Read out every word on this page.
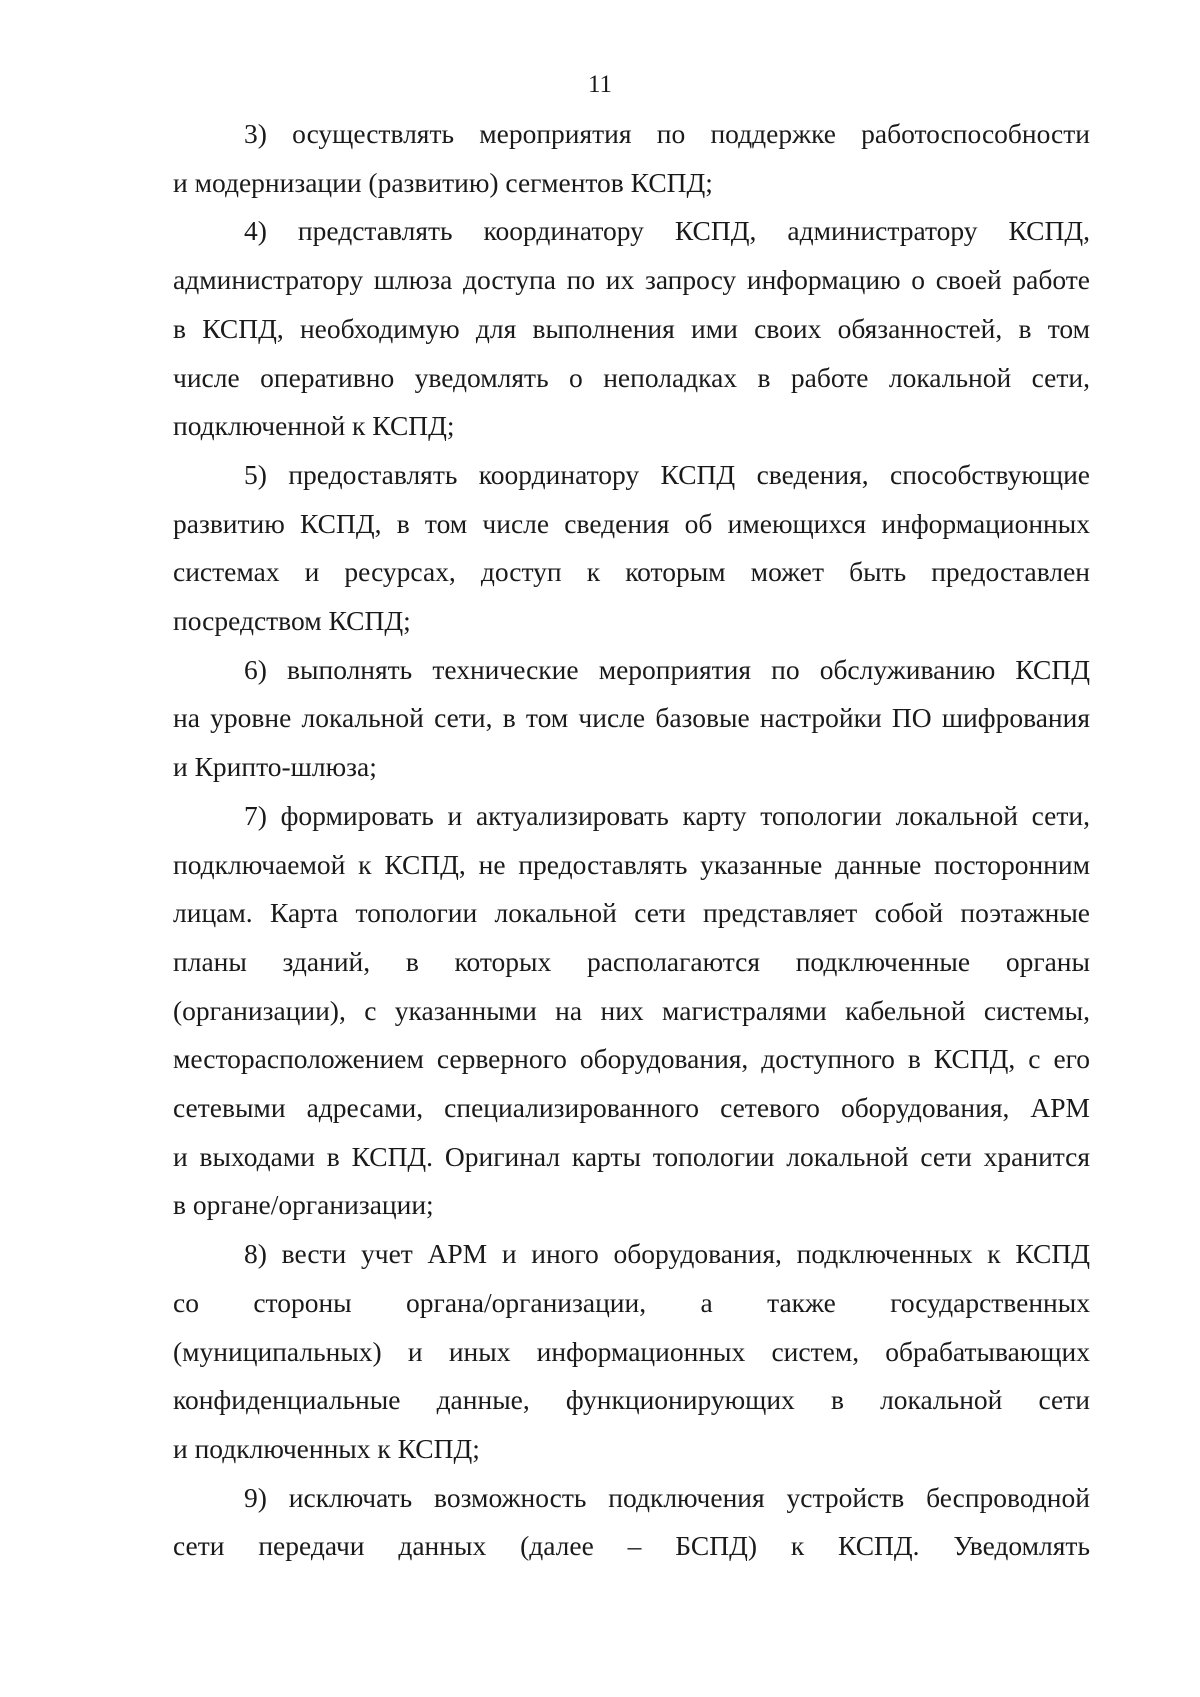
11
3) осуществлять мероприятия по поддержке работоспособности
и модернизации (развитию) сегментов КСПД;
4) представлять координатору КСПД, администратору КСПД,
администратору шлюза доступа по их запросу информацию о своей работе
в КСПД, необходимую для выполнения ими своих обязанностей, в том
числе оперативно уведомлять о неполадках в работе локальной сети,
подключенной к КСПД;
5) предоставлять координатору КСПД сведения, способствующие
развитию КСПД, в том числе сведения об имеющихся информационных
системах и ресурсах, доступ к которым может быть предоставлен
посредством КСПД;
6) выполнять технические мероприятия по обслуживанию КСПД
на уровне локальной сети, в том числе базовые настройки ПО шифрования
и Крипто-шлюза;
7) формировать и актуализировать карту топологии локальной сети,
подключаемой к КСПД, не предоставлять указанные данные посторонним
лицам. Карта топологии локальной сети представляет собой поэтажные
планы зданий, в которых располагаются подключенные органы
(организации), с указанными на них магистралями кабельной системы,
месторасположением серверного оборудования, доступного в КСПД, с его
сетевыми адресами, специализированного сетевого оборудования, АРМ
и выходами в КСПД. Оригинал карты топологии локальной сети хранится
в органе/организации;
8) вести учет АРМ и иного оборудования, подключенных к КСПД
со стороны органа/организации, а также государственных
(муниципальных) и иных информационных систем, обрабатывающих
конфиденциальные данные, функционирующих в локальной сети
и подключенных к КСПД;
9) исключать возможность подключения устройств беспроводной
сети передачи данных (далее – БСПД) к КСПД. Уведомлять
